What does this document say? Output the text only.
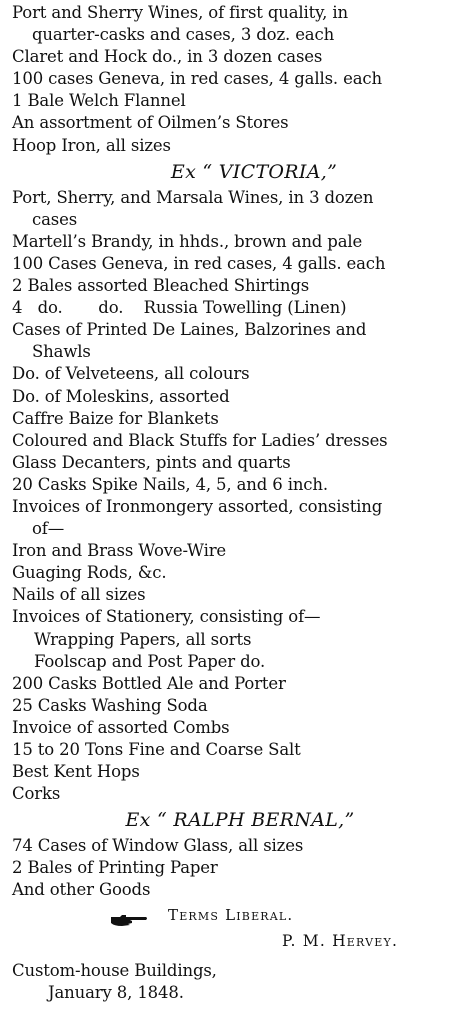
Port and Sherry Wines, of first quality, in
quarter-casks and cases, 3 doz. each
Claret and Hock do., in 3 dozen cases
100 cases Geneva, in red cases, 4 galls. each
1 Bale Welch Flannel
An assortment of Oilmen’s Stores
Hoop Iron, all sizes
Ex “ VICTORIA,”
Port, Sherry, and Marsala Wines, in 3 dozen
cases
Martell’s Brandy, in hhds., brown and pale
100 Cases Geneva, in red cases, 4 galls. each
2 Bales assorted Bleached Shirtings
4   do.       do.    Russia Towelling (Linen)
Cases of Printed De Laines, Balzorines and
Shawls
Do. of Velveteens, all colours
Do. of Moleskins, assorted
Caffre Baize for Blankets
Coloured and Black Stuffs for Ladies’ dresses
Glass Decanters, pints and quarts
20 Casks Spike Nails, 4, 5, and 6 inch.
Invoices of Ironmongery assorted, consisting
of—
Iron and Brass Wove-Wire
Guaging Rods, &c.
Nails of all sizes
Invoices of Stationery, consisting of—
Wrapping Papers, all sorts
Foolscap and Post Paper do.
200 Casks Bottled Ale and Porter
25 Casks Washing Soda
Invoice of assorted Combs
15 to 20 Tons Fine and Coarse Salt
Best Kent Hops
Corks
Ex “ RALPH BERNAL,”
74 Cases of Window Glass, all sizes
2 Bales of Printing Paper
And other Goods
Terms Liberal.
P. M. Hervey.
Custom-house Buildings,
January 8, 1848.
